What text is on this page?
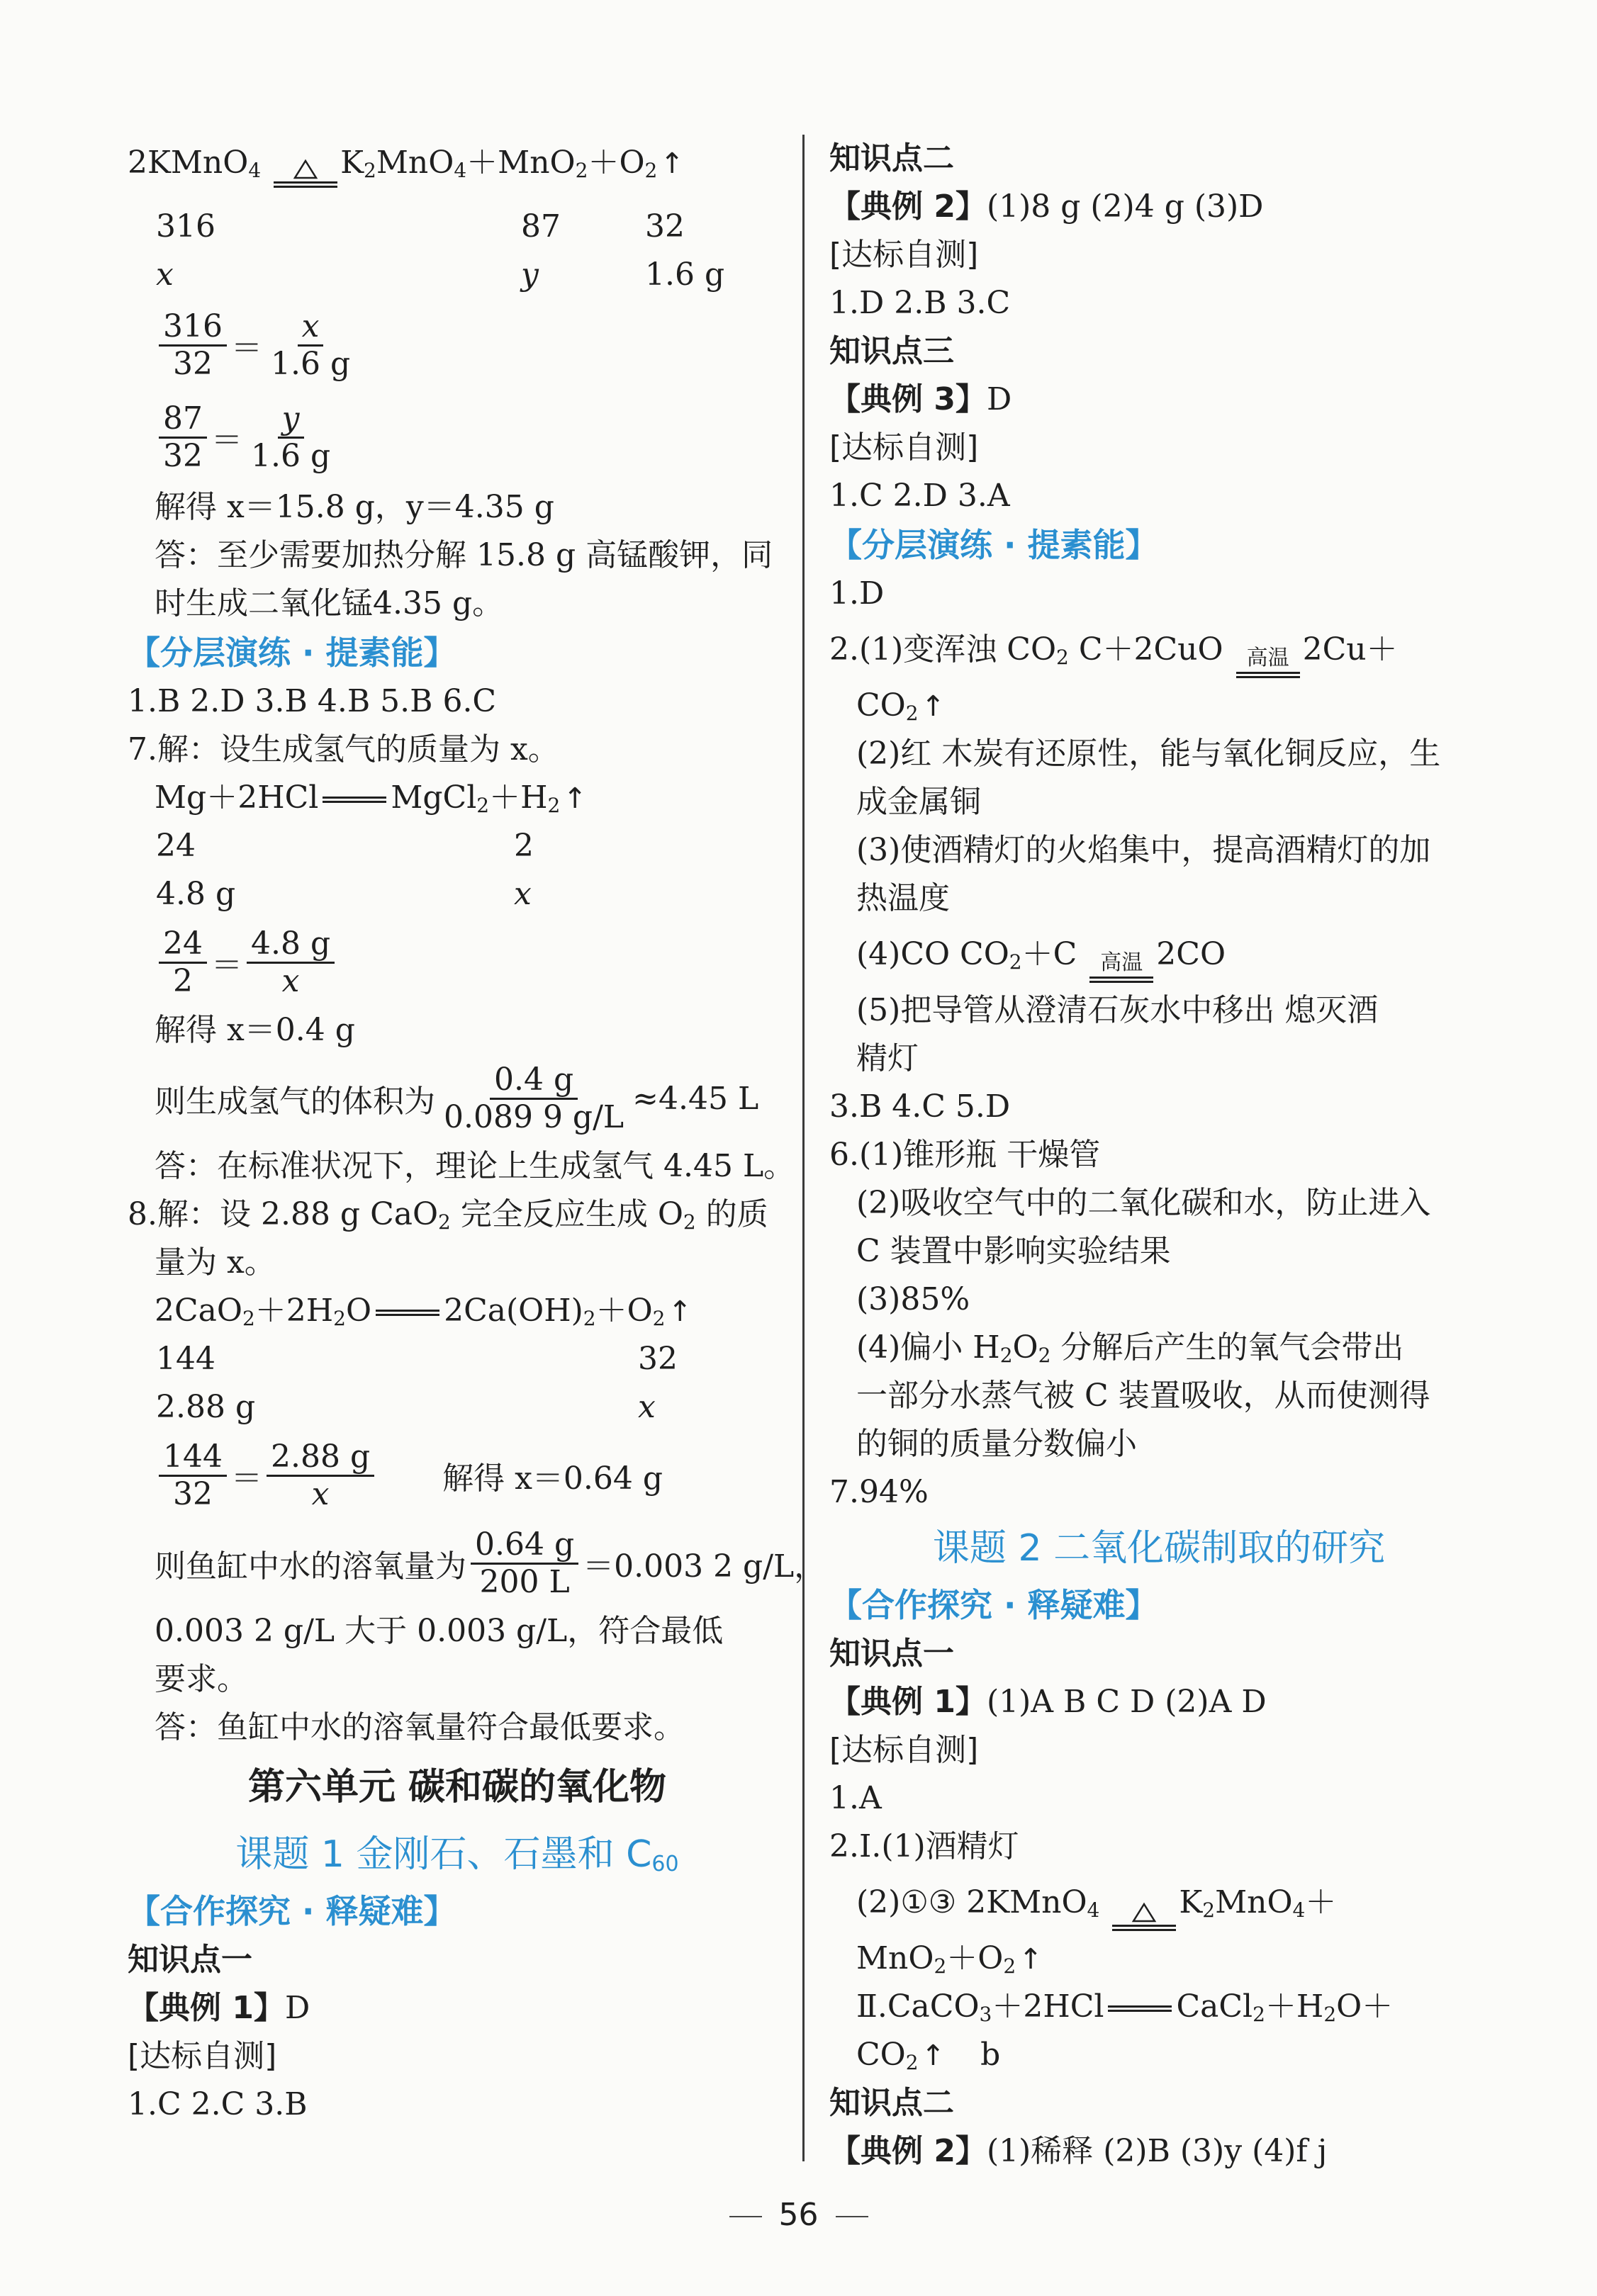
2KMnO$_4$	$K_2MnO_4+MnO_2+O_2$ ↑
316	87	32
x	y	1.6 g
$\frac{316}{32} = \frac{x}{1.6 g}$
$\frac{87}{32} = \frac{y}{1.6 g}$
解得 x＝15.8 g，y＝4.35 g
答：至少需要加热分解 15.8 g 高锰酸钾，同
时生成二氧化锰4.35 g。
【分层演练 · 提素能】
1.B 2.D 3.B 4.B 5.B 6.C
7.解：设生成氢气的质量为 x。
Mg＋2HCl $MgCl_2+H_2$ ↑
24	2
4.8 g	x
$\frac{24}{2} = \frac{4.8 g}{x}$
解得 x＝0.4 g
则生成氢气的体积为 $\frac{0.4 g}{0.089 9 g/L} \approx 4.45$ L
答：在标准状况下，理论上生成氢气 4.45 L。
8.解：设 2.88 g CaO$_2$ 完全反应生成 $O_2$ 的质
量为 x。
$2CaO_2+2H_2O$ $2Ca(OH)_2+O_2$ ↑
144	32
2.88 g	x
$\frac{144}{32} = \frac{2.88 g}{x}$ 解得 x＝0.64 g
则鱼缸中水的溶氧量为 $\frac{0.64 g}{200 L} =0.003$ 2 g/L，
0.003 2 g/L 大于 0.003 g/L，符合最低
要求。
答：鱼缸中水的溶氧量符合最低要求。
第六单元 碳和碳的氧化物
课题 1 金刚石、石墨和 $C_{60}$
【合作探究 · 释疑难】
知识点一
【典例 1】D
[达标自测]
1.C 2.C 3.B
知识点二
【典例 2】(1)8 g (2)4 g (3)D
[达标自测]
1.D 2.B 3.C
知识点三
【典例 3】D
[达标自测]
1.C 2.D 3.A
【分层演练 · 提素能】
1.D
2.(1)变浑浊 $CO_2$ C＋2CuO 高温 2Cu＋
$CO_2$ ↑
(2)红 木炭有还原性，能与氧化铜反应，生
成金属铜
(3)使酒精灯的火焰集中，提高酒精灯的加
热温度
(4)CO $CO_2+C$ 高温 2CO
(5)把导管从澄清石灰水中移出 熄灭酒
精灯
3.B 4.C 5.D
6.(1)锥形瓶 干燥管
(2)吸收空气中的二氧化碳和水，防止进入
C 装置中影响实验结果
(3)85%
(4)偏小 $H_2O_2$ 分解后产生的氧气会带出
一部分水蒸气被 C 装置吸收，从而使测得
的铜的质量分数偏小
7.94%
课题 2 二氧化碳制取的研究
【合作探究 · 释疑难】
知识点一
【典例 1】(1)A B C D (2)A D
[达标自测]
1.A
2.Ⅰ.(1)酒精灯
(2)①③ 2KMnO$_4$	$K_2MnO_4+$
$MnO_2+O_2$ ↑
Ⅱ.CaCO$_3$＋2HCl $CaCl_2+H_2O+$
$CO_2$ ↑ b
知识点二
【典例 2】(1)稀释 (2)B (3)y (4)f j
56
